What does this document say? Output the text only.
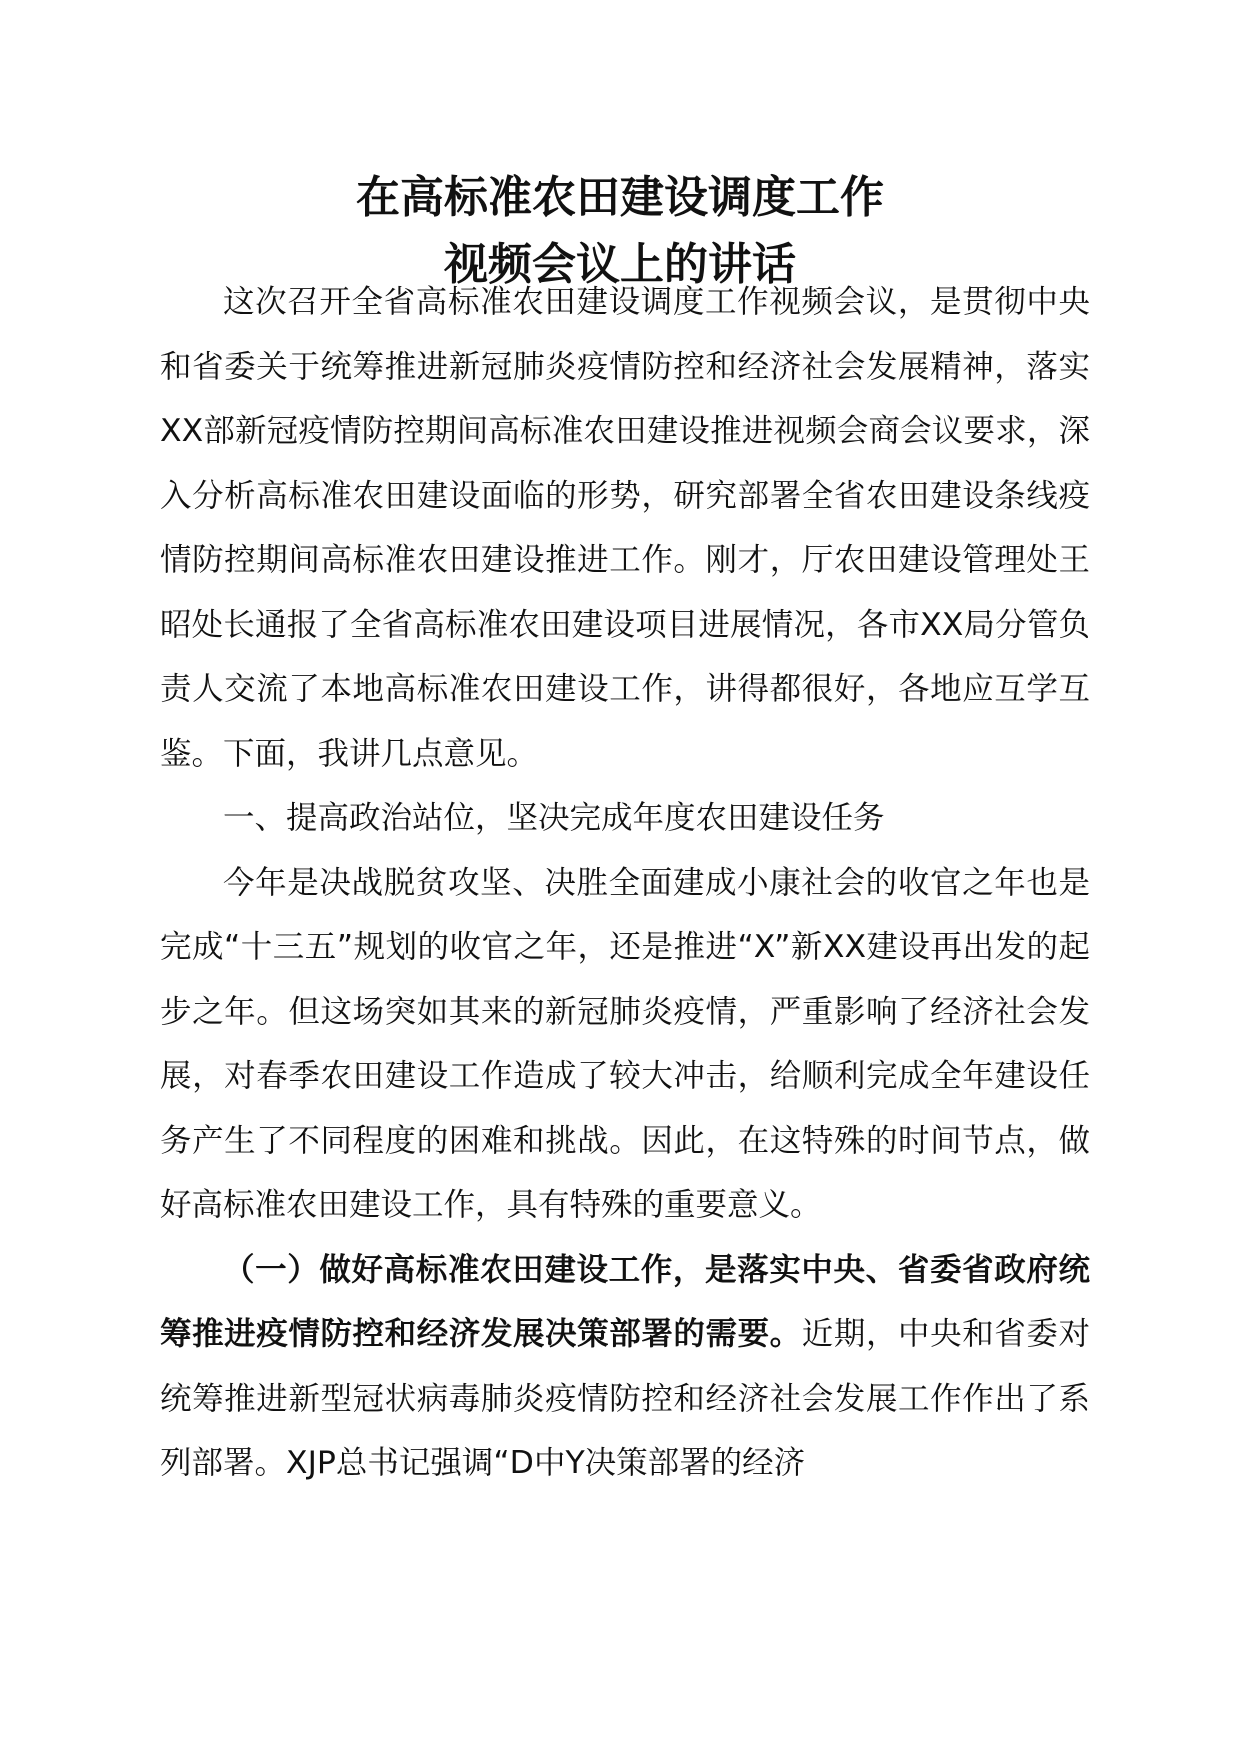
在高标准农田建设调度工作
视频会议上的讲话

这次召开全省高标准农田建设调度工作视频会议，是贯彻中央和省委关于统筹推进新冠肺炎疫情防控和经济社会发展精神，落实XX部新冠疫情防控期间高标准农田建设推进视频会商会议要求，深入分析高标准农田建设面临的形势，研究部署全省农田建设条线疫情防控期间高标准农田建设推进工作。刚才，厅农田建设管理处王昭处长通报了全省高标准农田建设项目进展情况，各市XX局分管负责人交流了本地高标准农田建设工作，讲得都很好，各地应互学互鉴。下面，我讲几点意见。

一、提高政治站位，坚决完成年度农田建设任务

今年是决战脱贫攻坚、决胜全面建成小康社会的收官之年也是完成“十三五”规划的收官之年，还是推进“X”新XX建设再出发的起步之年。但这场突如其来的新冠肺炎疫情，严重影响了经济社会发展，对春季农田建设工作造成了较大冲击，给顺利完成全年建设任务产生了不同程度的困难和挑战。因此，在这特殊的时间节点，做好高标准农田建设工作，具有特殊的重要意义。

（一）做好高标准农田建设工作，是落实中央、省委省政府统筹推进疫情防控和经济发展决策部署的需要。近期，中央和省委对统筹推进新型冠状病毒肺炎疫情防控和经济社会发展工作作出了系列部署。XJP总书记强调“D中Y决策部署的经济
